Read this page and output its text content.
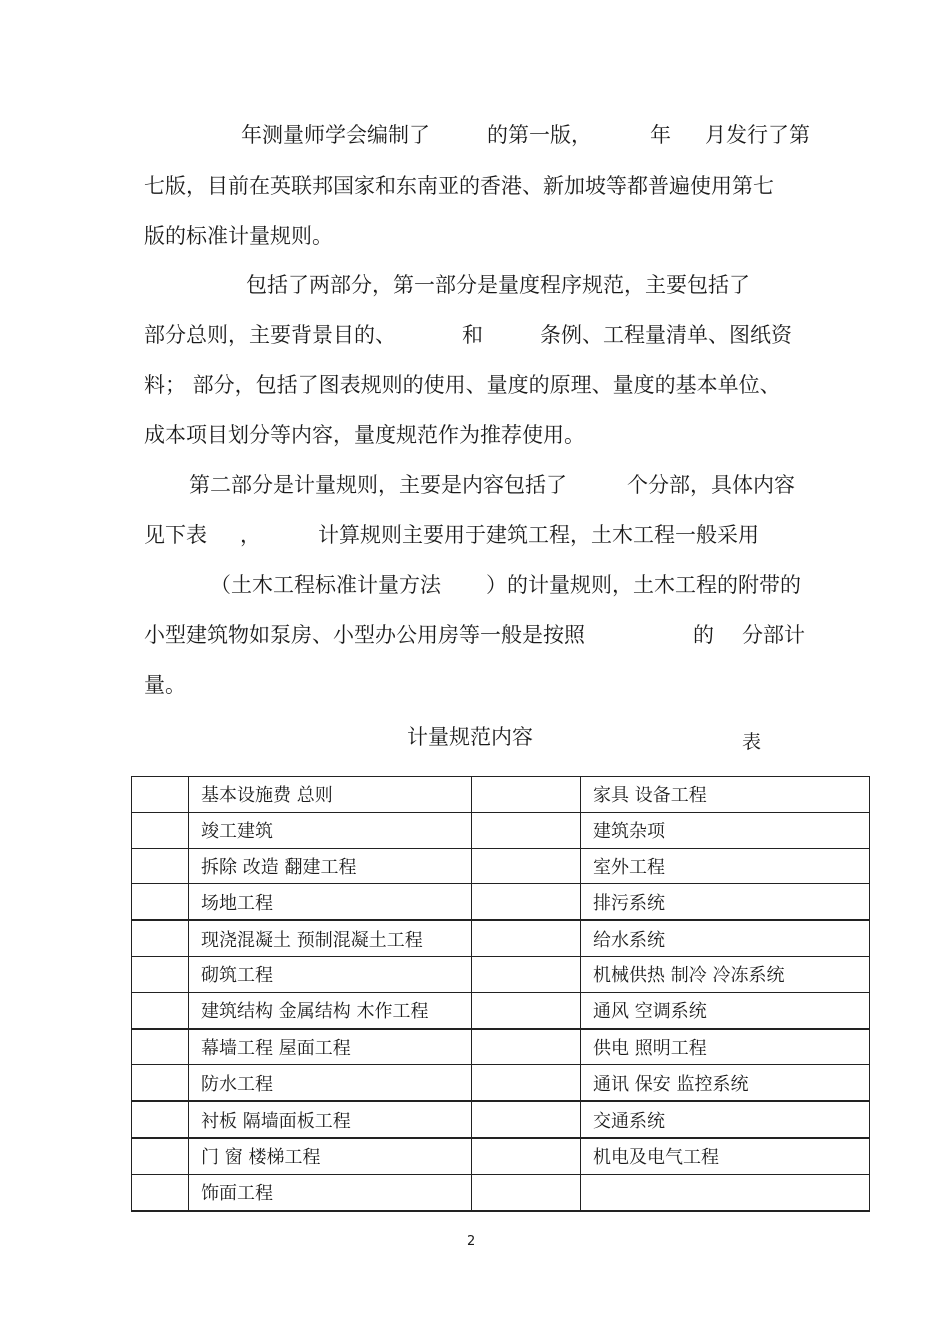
年测量师学会编制了	的第一版，	年 月发行了第
七版，目前在英联邦国家和东南亚的香港、新加坡等都普遍使用第七
版的标准计量规则。
包括了两部分，第一部分是量度程序规范，主要包括了
部分总则，主要背景目的、	和	条例、工程量清单、图纸资
料； 部分，包括了图表规则的使用、量度的原理、量度的基本单位、
成本项目划分等内容，量度规范作为推荐使用。
第二部分是计量规则，主要是内容包括了	个分部，具体内容
见下表 ，	计算规则主要用于建筑工程，土木工程一般采用
（土木工程标准计量方法 ）的计量规则，土木工程的附带的
小型建筑物如泵房、小型办公用房等一般是按照	的 分部计
量。
计量规范内容	表
	基本设施费 总则		家具 设备工程
	竣工建筑		建筑杂项
	拆除 改造 翻建工程		室外工程
	场地工程		排污系统
	现浇混凝土 预制混凝土工程		给水系统
	砌筑工程		机械供热 制冷 冷冻系统
	建筑结构 金属结构 木作工程		通风 空调系统
	幕墙工程 屋面工程		供电 照明工程
	防水工程		通讯 保安 监控系统
	衬板 隔墙面板工程		交通系统
	门 窗 楼梯工程		机电及电气工程
	饰面工程		
2
